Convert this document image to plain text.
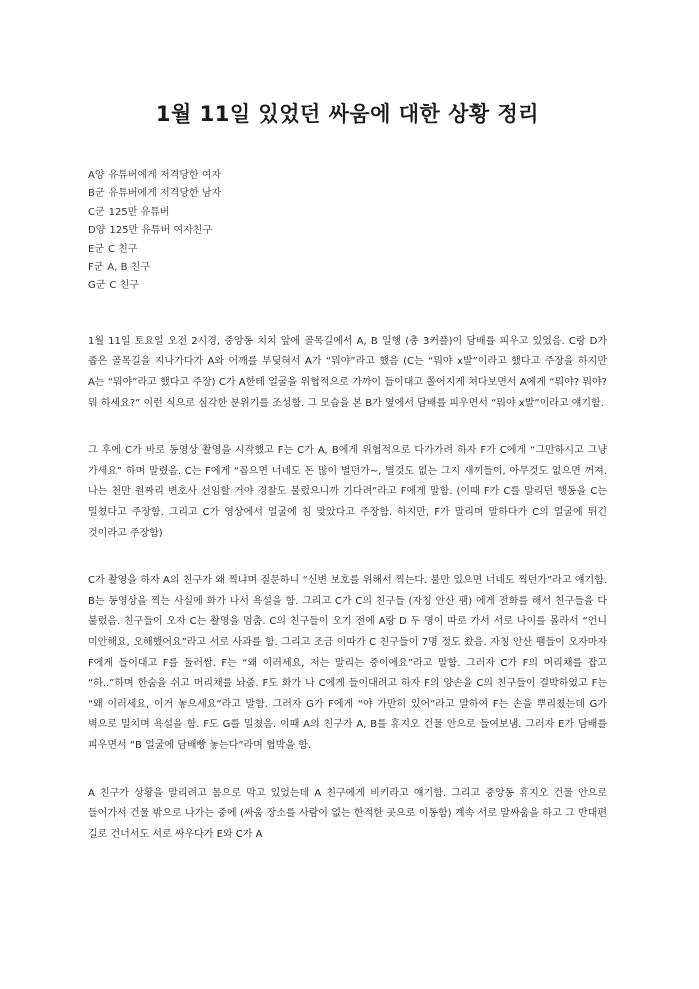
1월 11일 있었던 싸움에 대한 상황 정리
A양 유튜버에게 저격당한 여자
B군 유튜버에게 저격당한 남자
C군 125만 유튜버
D양 125만 유튜버 여자친구
E군 C 친구
F군 A, B 친구
G군 C 친구

1월 11일 토요일 오전 2시경, 중앙동 치치 앞에 골목길에서 A, B 일행 (총 3커플)이 담배를 피우고 있었음. C랑 D가 좁은 골목길을 지나가다가 A와 어깨를 부딪혀서 A가 “뭐야”라고 했음 (C는 “뭐야 x발”이라고 했다고 주장을 하지만 A는 “뭐야”라고 했다고 주장) C가 A한테 얼굴을 위협적으로 가까이 들이대고 쫄어지게 쳐다보면서 A에게 “뭐야? 뭐야? 뭐 하세요?” 이런 식으로 심각한 분위기를 조성함. 그 모습을 본 B가 옆에서 담배를 피우면서 “뭐야 x발”이라고 얘기함.

그 후에 C가 바로 동영상 촬영을 시작했고 F는 C가 A, B에게 위협적으로 다가가려 하자 F가 C에게 “그만하시고 그냥 가세요” 하며 말렸음. C는 F에게 “꼽으면 너네도 돈 많이 벌던가~, 별것도 없는 그지 새끼들이, 아무것도 없으면 꺼져. 나는 천만 원짜리 변호사 선임할 거야 경찰도 불렀으니까 기다려”라고 F에게 말함. (이때 F가 C를 말리던 행동을 C는 밀쳤다고 주장함. 그리고 C가 영상에서 얼굴에 침 맞았다고 주장함. 하지만, F가 말리며 말하다가 C의 얼굴에 튀긴 것이라고 주장함)

C가 촬영을 하자 A의 친구가 왜 찍냐며 질문하니 “신변 보호를 위해서 찍는다. 불만 있으면 너네도 찍던가”라고 얘기함. B는 동영상을 찍는 사실에 화가 나서 욕설을 함. 그리고 C가 C의 친구들 (자칭 안산 팸) 에게 전화를 해서 친구들을 다 불렀음. 친구들이 오자 C는 촬영을 멈춤. C의 친구들이 오기 전에 A랑 D 두 명이 따로 가서 서로 나이를 몰라서 “언니 미안해요, 오해했어요”라고 서로 사과를 함. 그리고 조금 이따가 C 친구들이 7명 정도 왔음. 자칭 안산 팸들이 오자마자 F에게 들이대고 F를 둘러쌈. F는 “왜 이러세요, 저는 말리는 중이에요”라고 말함. 그러자 C가 F의 머리채를 잡고 “하..”하며 한숨을 쉬고 머리채를 놔줌. F도 화가 나 C에게 들이대려고 하자 F의 양손을 C의 친구들이 결박하였고 F는 “왜 이러세요, 이거 놓으세요”라고 말함. 그러자 G가 F에게 “야 가만히 있어”라고 말하여 F는 손을 뿌리쳤는데 G가 벽으로 밀치며 욕설을 함. F도 G를 밀쳤음. 이때 A의 친구가 A, B를 휴지오 건물 안으로 들여보냄. 그러자 E가 담배를 피우면서 “B 얼굴에 담배빵 놓는다”라며 협박을 함.

A 친구가 상황을 말리려고 몸으로 막고 있었는데 A 친구에게 비키라고 얘기함. 그리고 중앙동 휴지오 건물 안으로 들어가서 건물 밖으로 나가는 중에 (싸움 장소를 사람이 없는 한적한 곳으로 이동함) 계속 서로 말싸움을 하고 그 반대편 길로 건너서도 서로 싸우다가 E와 C가 A
